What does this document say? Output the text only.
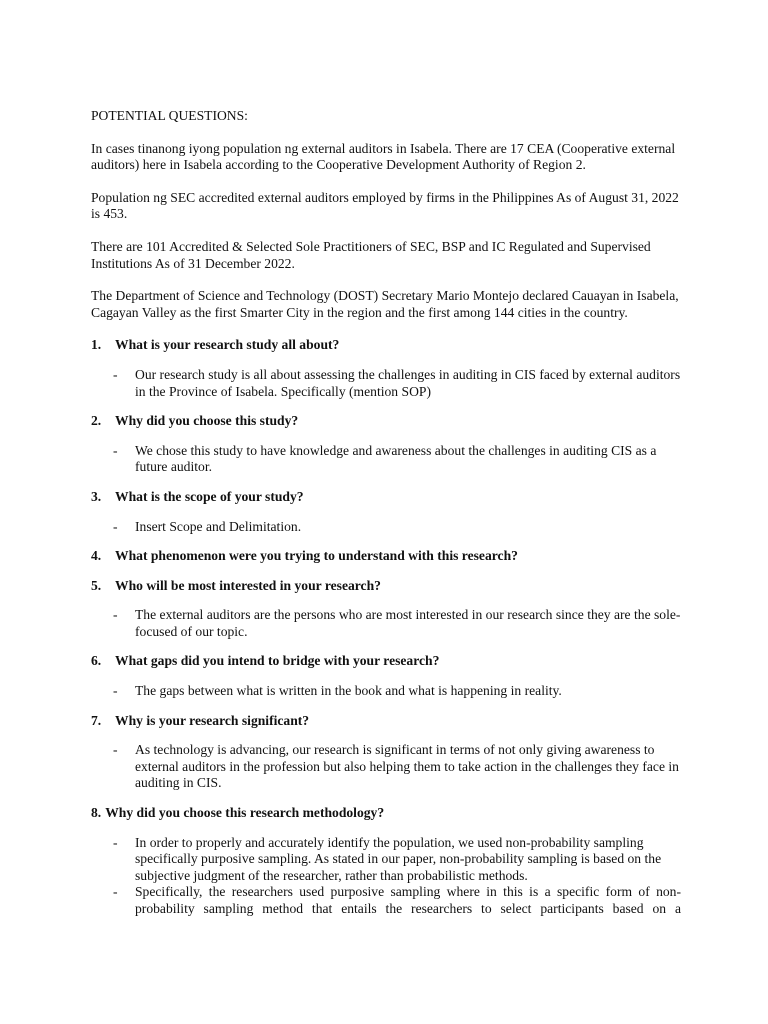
POTENTIAL QUESTIONS:

In cases tinanong iyong population ng external auditors in Isabela. There are 17 CEA (Cooperative external auditors) here in Isabela according to the Cooperative Development Authority of Region 2.

Population ng SEC accredited external auditors employed by firms in the Philippines As of August 31, 2022 is 453.

There are 101 Accredited & Selected Sole Practitioners of SEC, BSP and IC Regulated and Supervised Institutions As of 31 December 2022.

The Department of Science and Technology (DOST) Secretary Mario Montejo declared Cauayan in Isabela, Cagayan Valley as the first Smarter City in the region and the first among 144 cities in the country.

1.	What is your research study all about?
-	Our research study is all about assessing the challenges in auditing in CIS faced by external auditors in the Province of Isabela. Specifically (mention SOP)
2.	Why did you choose this study?
-	We chose this study to have knowledge and awareness about the challenges in auditing CIS as a future auditor.
3.	What is the scope of your study?
-	Insert Scope and Delimitation.
4.	What phenomenon were you trying to understand with this research?
5.	Who will be most interested in your research?
-	The external auditors are the persons who are most interested in our research since they are the sole-focused of our topic.
6.	What gaps did you intend to bridge with your research?
-	The gaps between what is written in the book and what is happening in reality.
7.	Why is your research significant?
-	As technology is advancing, our research is significant in terms of not only giving awareness to external auditors in the profession but also helping them to take action in the challenges they face in auditing in CIS.
8. Why did you choose this research methodology?
-	In order to properly and accurately identify the population, we used non-probability sampling specifically purposive sampling. As stated in our paper, non-probability sampling is based on the subjective judgment of the researcher, rather than probabilistic methods.
-	Specifically, the researchers used purposive sampling where in this is a specific form of non-probability sampling method that entails the researchers to select participants based on a
